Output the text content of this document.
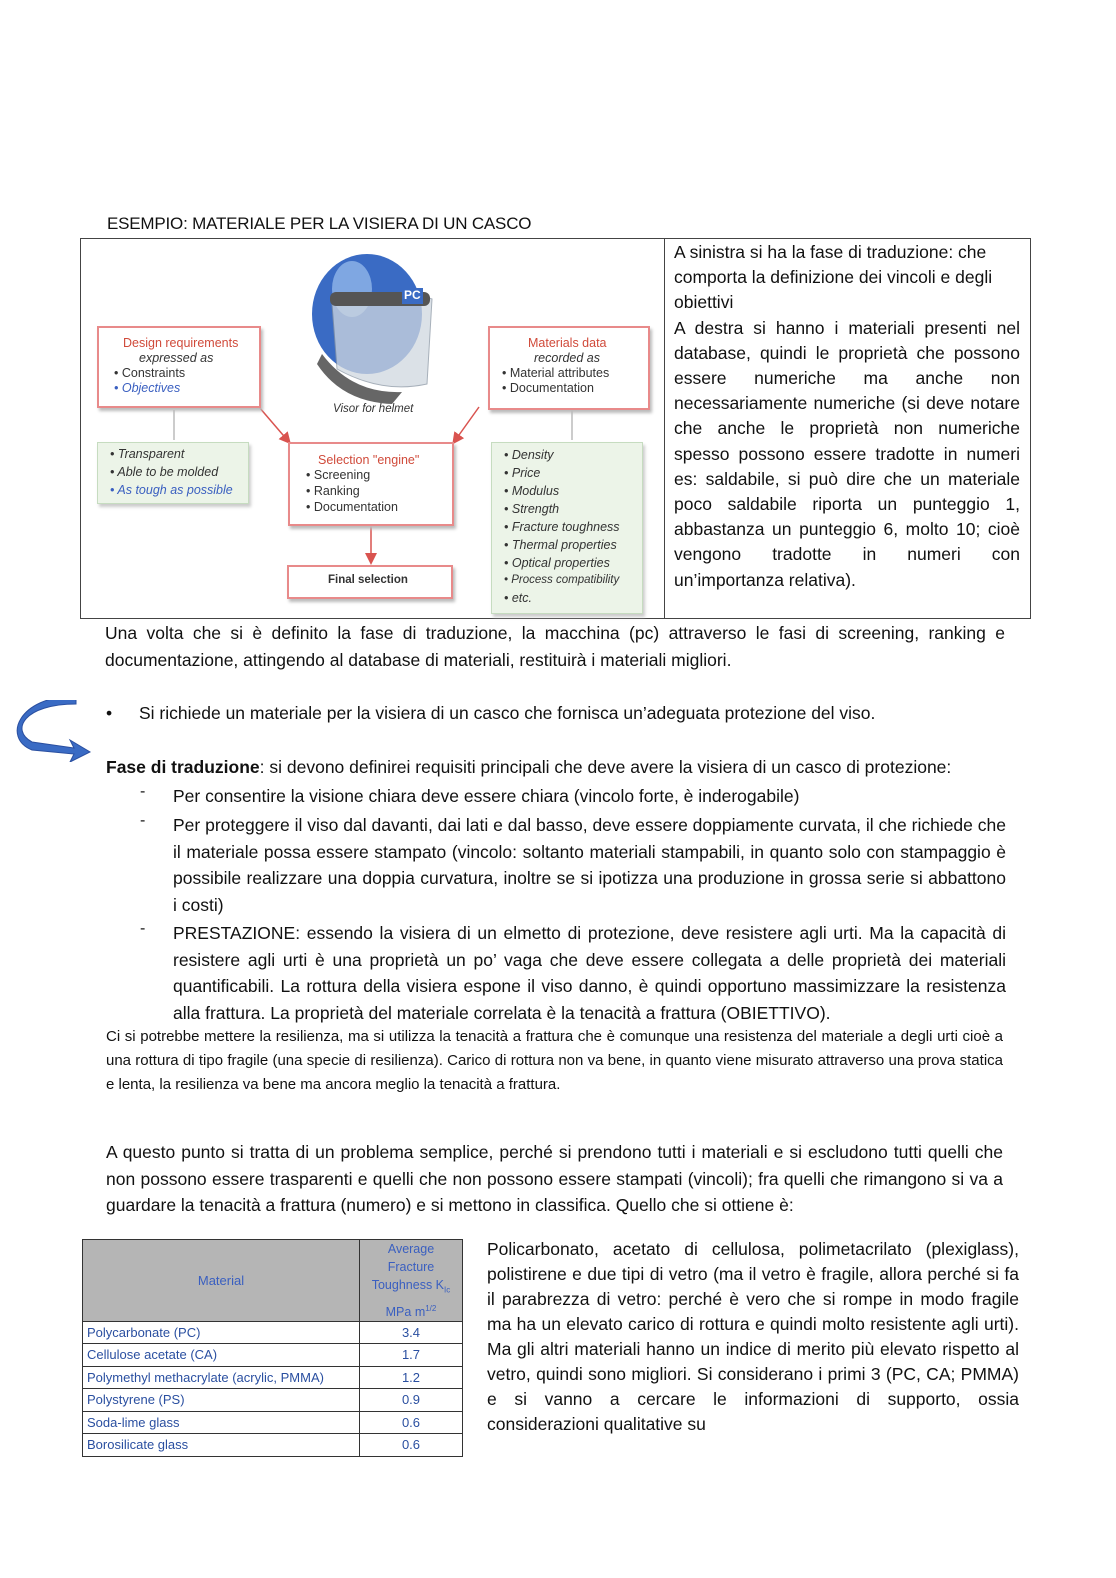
ESEMPIO: MATERIALE PER LA VISIERA DI UN CASCO
PC
Visor for helmet
Design requirements
expressed as
• Constraints
• Objectives
Materials data
recorded as
• Material attributes
• Documentation
• Transparent
• Able to be molded
• As tough as possible
Selection "engine"
• Screening
• Ranking
• Documentation
Final selection
• Density
• Price
• Modulus
• Strength
• Fracture toughness
• Thermal properties
• Optical properties
• Process compatibility
• etc.
A sinistra si ha la fase di traduzione: che comporta la definizione dei vincoli e degli obiettivi
A destra si hanno i materiali presenti nel database, quindi le proprietà che possono essere numeriche ma anche non necessariamente numeriche (si deve notare che anche le proprietà non numeriche spesso possono essere tradotte in numeri es: saldabile, si può dire che un materiale poco saldabile riporta un punteggio 1, abbastanza un punteggio 6, molto 10; cioè vengono tradotte in numeri con un’importanza relativa).
Una volta che si è definito la fase di traduzione, la macchina (pc) attraverso le fasi di screening, ranking e documentazione, attingendo al database di materiali, restituirà i materiali migliori.
• Si richiede un materiale per la visiera di un casco che fornisca un’adeguata protezione del viso.
Fase di traduzione: si devono definirei requisiti principali che deve avere la visiera di un casco di protezione:
- Per consentire la visione chiara deve essere chiara (vincolo forte, è inderogabile)
- Per proteggere il viso dal davanti, dai lati e dal basso, deve essere doppiamente curvata, il che richiede che il materiale possa essere stampato (vincolo: soltanto materiali stampabili, in quanto solo con stampaggio è possibile realizzare una doppia curvatura, inoltre se si ipotizza una produzione in grossa serie si abbattono i costi)
- PRESTAZIONE: essendo la visiera di un elmetto di protezione, deve resistere agli urti. Ma la capacità di resistere agli urti è una proprietà un po’ vaga che deve essere collegata a delle proprietà dei materiali quantificabili. La rottura della visiera espone il viso danno, è quindi opportuno massimizzare la resistenza alla frattura. La proprietà del materiale correlata è la tenacità a frattura (OBIETTIVO).
Ci si potrebbe mettere la resilienza, ma si utilizza la tenacità a frattura che è comunque una resistenza del materiale a degli urti cioè a una rottura di tipo fragile (una specie di resilienza). Carico di rottura non va bene, in quanto viene misurato attraverso una prova statica e lenta, la resilienza va bene ma ancora meglio la tenacità a frattura.
A questo punto si tratta di un problema semplice, perché si prendono tutti i materiali e si escludono tutti quelli che non possono essere trasparenti e quelli che non possono essere stampati (vincoli); fra quelli che rimangono si va a guardare la tenacità a frattura (numero) e si mettono in classifica. Quello che si ottiene è:
Material	Average Fracture Toughness $K_{Ic}$
MPa $m^{1/2}$
Polycarbonate (PC)	3.4
Cellulose acetate (CA)	1.7
Polymethyl methacrylate (acrylic, PMMA)	1.2
Polystyrene (PS)	0.9
Soda-lime glass	0.6
Borosilicate glass	0.6
Policarbonato, acetato di cellulosa, polimetacrilato (plexiglass), polistirene e due tipi di vetro (ma il vetro è fragile, allora perché si fa il parabrezza di vetro: perché è vero che si rompe in modo fragile ma ha un elevato carico di rottura e quindi molto resistente agli urti). Ma gli altri materiali hanno un indice di merito più elevato rispetto al vetro, quindi sono migliori. Si considerano i primi 3 (PC, CA; PMMA) e si vanno a cercare le informazioni di supporto, ossia considerazioni qualitative su
